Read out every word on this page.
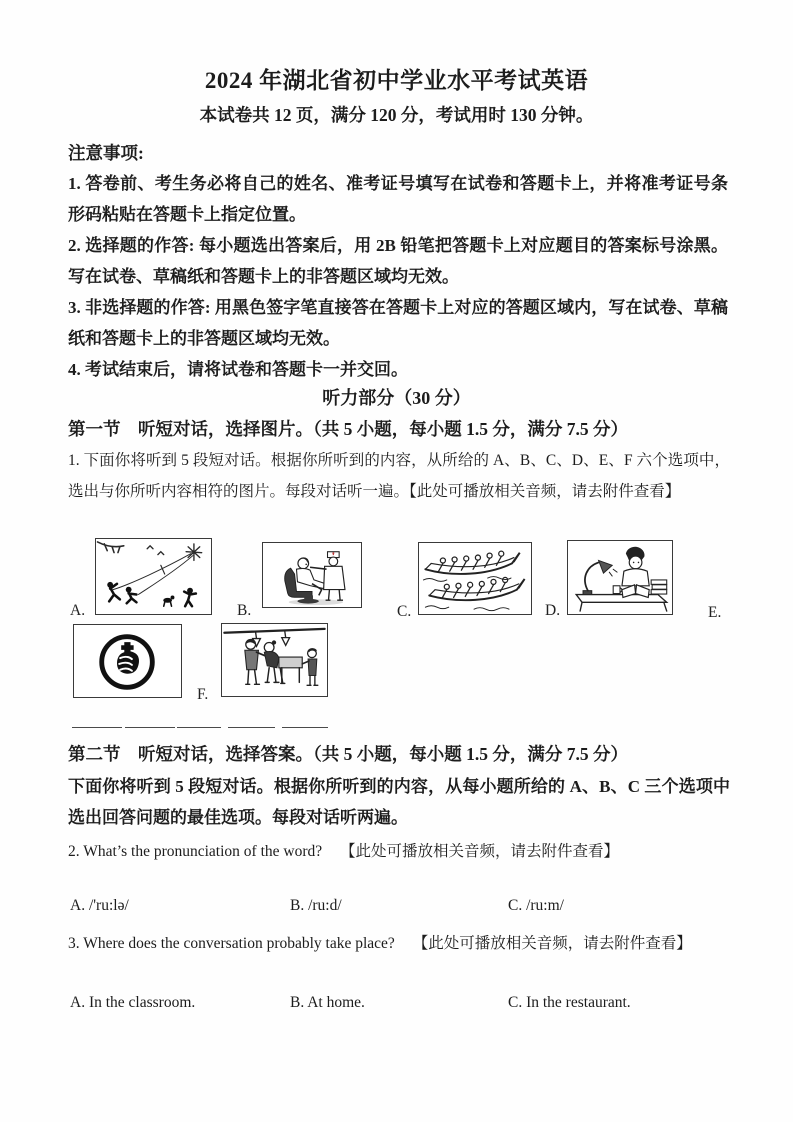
2024 年湖北省初中学业水平考试英语
本试卷共 12 页，满分 120 分，考试用时 130 分钟。
注意事项:
1. 答卷前、考生务必将自己的姓名、准考证号填写在试卷和答题卡上，并将准考证号条形码粘贴在答题卡上指定位置。
2. 选择题的作答: 每小题选出答案后，用 2B 铅笔把答题卡上对应题目的答案标号涂黑。写在试卷、草稿纸和答题卡上的非答题区域均无效。
3. 非选择题的作答: 用黑色签字笔直接答在答题卡上对应的答题区域内，写在试卷、草稿纸和答题卡上的非答题区域均无效。
4. 考试结束后，请将试卷和答题卡一并交回。
听力部分（30 分）
第一节　听短对话，选择图片。（共 5 小题，每小题 1.5 分，满分 7.5 分）
1. 下面你将听到 5 段短对话。根据你所听到的内容，从所给的 A、B、C、D、E、F 六个选项中，选出与你所听内容相符的图片。每段对话听一遍。【此处可播放相关音频，请去附件查看】
A.	B.	C.	D.	E.
F.
第二节　听短对话，选择答案。（共 5 小题，每小题 1.5 分，满分 7.5 分）
下面你将听到 5 段短对话。根据你所听到的内容，从每小题所给的 A、B、C 三个选项中选出回答问题的最佳选项。每段对话听两遍。
2. What’s the pronunciation of the word? 【此处可播放相关音频，请去附件查看】
A. /'ru:lə/	B. /ru:d/	C. /ru:m/
3. Where does the conversation probably take place? 【此处可播放相关音频，请去附件查看】
A. In the classroom.	B. At home.	C. In the restaurant.
